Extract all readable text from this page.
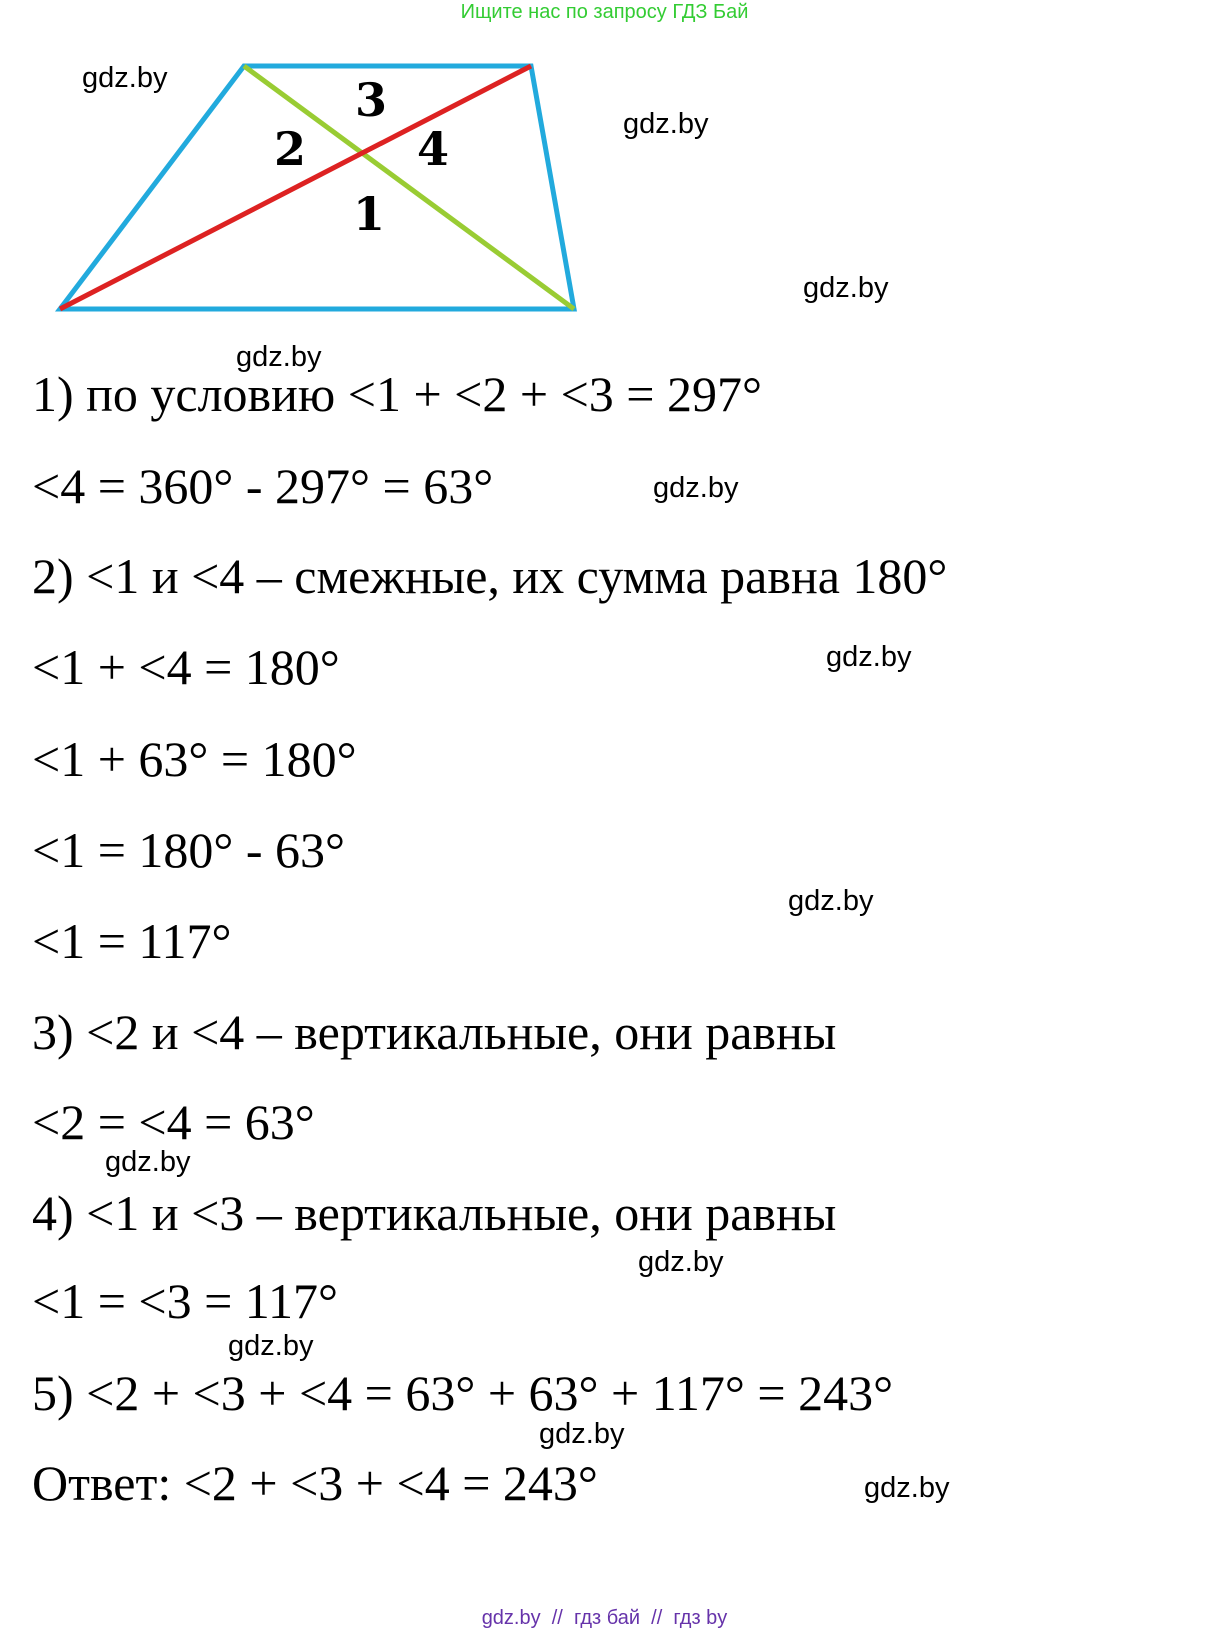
Ищите нас по запросу ГДЗ Бай
1
2
3
4
gdz.by
gdz.by
gdz.by
gdz.by
gdz.by
gdz.by
gdz.by
gdz.by
gdz.by
gdz.by
gdz.by
gdz.by
1) по условию <1 + <2 + <3 = 297°
<4 = 360° - 297° = 63°
2) <1 и <4 – смежные, их сумма равна 180°
<1 + <4 = 180°
<1 + 63° = 180°
<1 = 180° - 63°
<1 = 117°
3) <2 и <4 – вертикальные, они равны
<2 = <4 = 63°
4) <1 и <3 – вертикальные, они равны
<1 = <3 = 117°
5) <2 + <3 + <4 = 63° + 63° + 117° = 243°
Ответ: <2 + <3 + <4 = 243°
gdz.by  //  гдз бай  //  гдз by
